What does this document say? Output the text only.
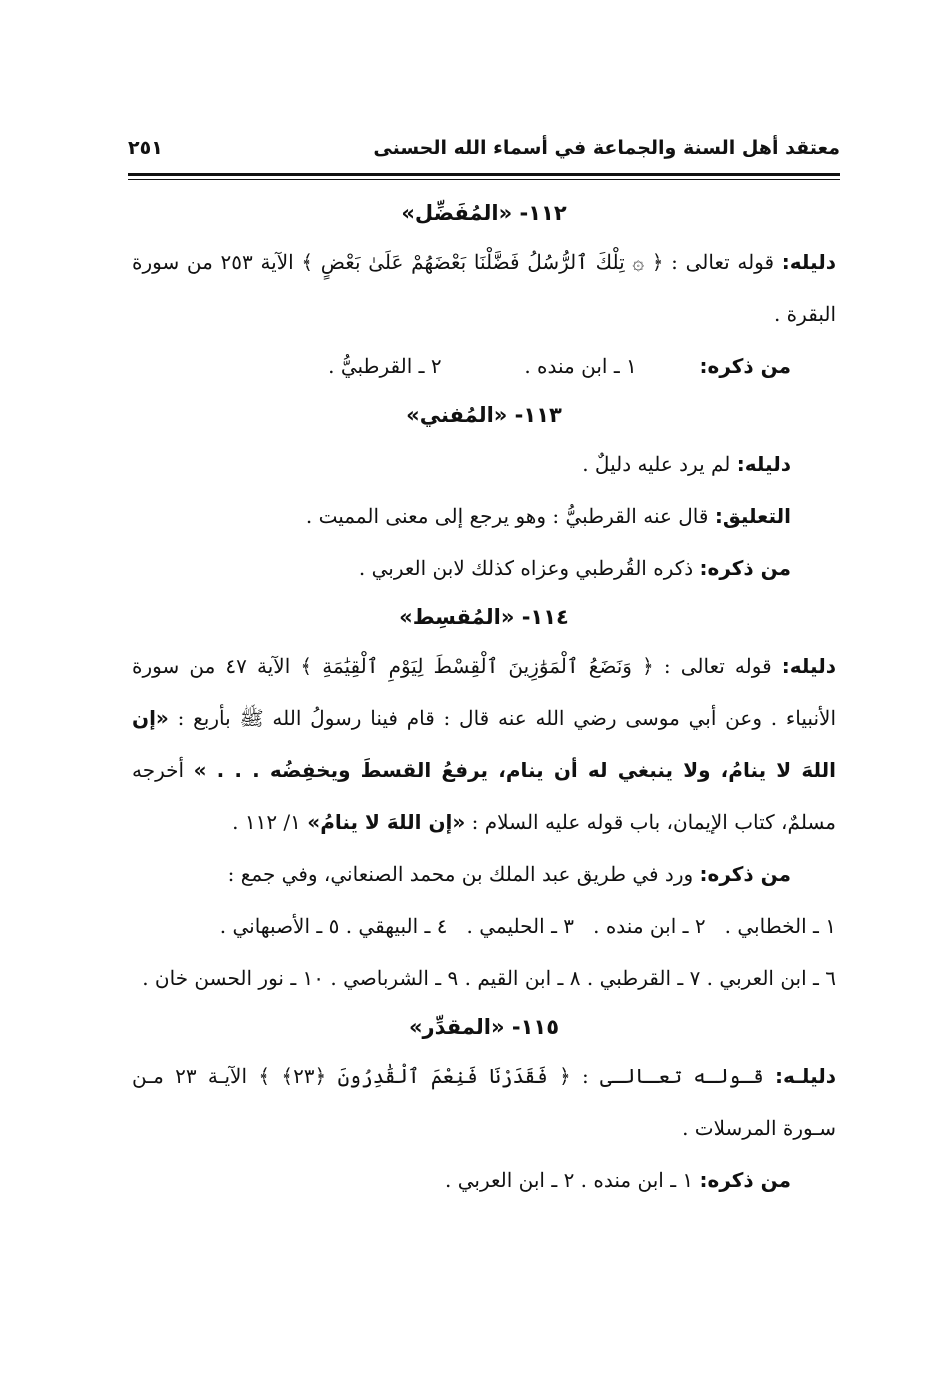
معتقد أهل السنة والجماعة في أسماء الله الحسنى
٢٥١
١١٢- «المُفَضِّل»

دليله: قوله تعالى : ﴿ ۞ تِلْكَ ٱلرُّسُلُ فَضَّلْنَا بَعْضَهُمْ عَلَىٰ بَعْضٍ ﴾ الآية ٢٥٣ من سورة البقرة .

من ذكره:  ١ ـ ابن منده .  ٢ ـ القرطبيُّ .

١١٣- «المُفني»

دليله: لم يرد عليه دليلٌ .

التعليق: قال عنه القرطبيُّ : وهو يرجع إلى معنى المميت .

من ذكره: ذكره القُرطبي وعزاه كذلك لابن العربي .

١١٤- «المُقسِط»

دليله: قوله تعالى : ﴿ وَنَضَعُ ٱلْمَوَٰزِينَ ٱلْقِسْطَ لِيَوْمِ ٱلْقِيَٰمَةِ ﴾ الآية ٤٧ من سورة الأنبياء . وعن أبي موسى رضي الله عنه قال : قام فينا رسولُ الله ﷺ بأربع : «إن اللهَ لا ينامُ، ولا ينبغي له أن ينام، يرفعُ القسطَ ويخفِضُه . . . » أخرجه مسلمٌ، كتاب الإيمان، باب قوله عليه السلام : «إن اللهَ لا ينامُ» ١/ ١١٢ .

من ذكره: ورد في طريق عبد الملك بن محمد الصنعاني، وفي جمع :

١ ـ الخطابي .   ٢ ـ ابن منده .   ٣ ـ الحليمي .   ٤ ـ البيهقي . ٥ ـ الأصبهاني .

٦ ـ ابن العربي . ٧ ـ القرطبي . ٨ ـ ابن القيم . ٩ ـ الشرباصي . ١٠ ـ نور الحسن خان .

١١٥- «المقدِّر»

دليلـه: قـولـه تعـالـى : ﴿ فَقَدَرْنَا فَنِعْمَ ٱلْقَٰدِرُونَ ﴿٢٣﴾ ﴾ الآيـة ٢٣ مـن سـورة المرسلات .

من ذكره: ١ ـ ابن منده . ٢ ـ ابن العربي .
